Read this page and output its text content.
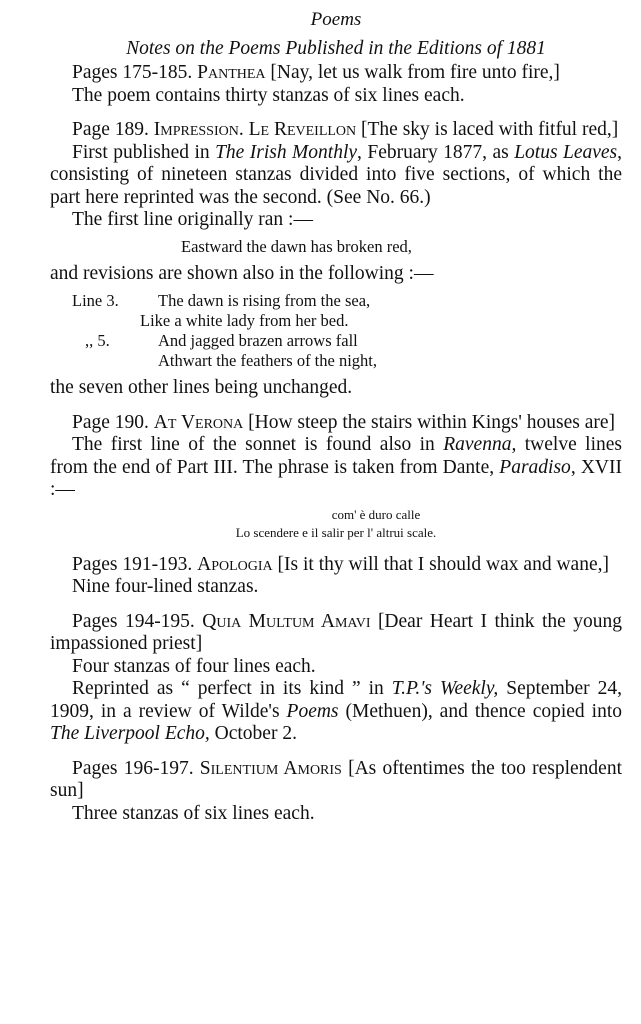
Poems
Notes on the Poems Published in the Editions of 1881
Pages 175-185. Panthea [Nay, let us walk from fire unto fire,]
The poem contains thirty stanzas of six lines each.
Page 189. Impression. Le Reveillon [The sky is laced with fitful red,]
First published in The Irish Monthly, February 1877, as Lotus Leaves, consisting of nineteen stanzas divided into five sections, of which the part here reprinted was the second. (See No. 66.)
The first line originally ran :—
Eastward the dawn has broken red,
and revisions are shown also in the following :—
Line 3.	The dawn is rising from the sea,
Like a white lady from her bed.
,, 5.	And jagged brazen arrows fall
Athwart the feathers of the night,
the seven other lines being unchanged.
Page 190. At Verona [How steep the stairs within Kings' houses are]
The first line of the sonnet is found also in Ravenna, twelve lines from the end of Part III. The phrase is taken from Dante, Paradiso, XVII :—
com' è duro calle
Lo scendere e il salir per l' altrui scale.
Pages 191-193. Apologia [Is it thy will that I should wax and wane,]
Nine four-lined stanzas.
Pages 194-195. Quia Multum Amavi [Dear Heart I think the young impassioned priest]
Four stanzas of four lines each.
Reprinted as “ perfect in its kind ” in T.P.'s Weekly, September 24, 1909, in a review of Wilde's Poems (Methuen), and thence copied into The Liverpool Echo, October 2.
Pages 196-197. Silentium Amoris [As oftentimes the too resplendent sun]
Three stanzas of six lines each.
